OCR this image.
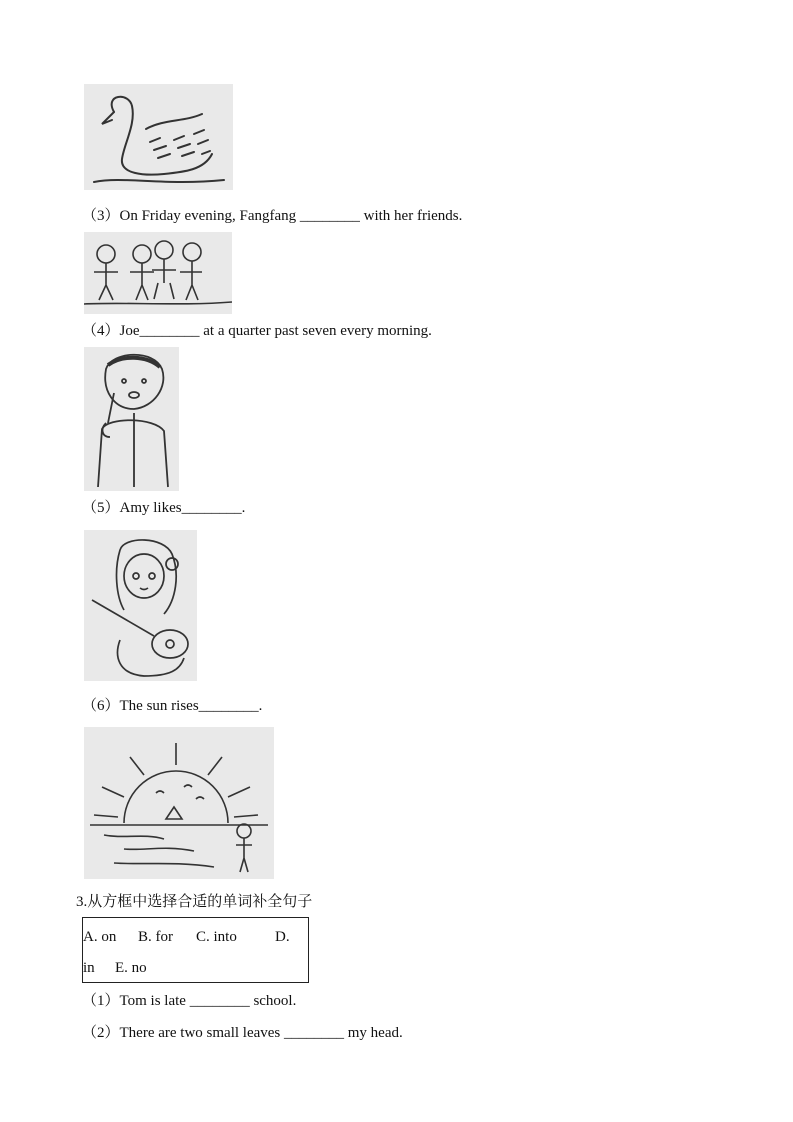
（3）On Friday evening, Fangfang ________ with her friends.
（4）Joe________ at a quarter past seven every morning.
（5）Amy likes________.
（6）The sun rises________.
3.从方框中选择合适的单词补全句子
A. on B. for C. into	D.
in E. no
（1）Tom is late ________ school.
（2）There are two small leaves ________ my head.
